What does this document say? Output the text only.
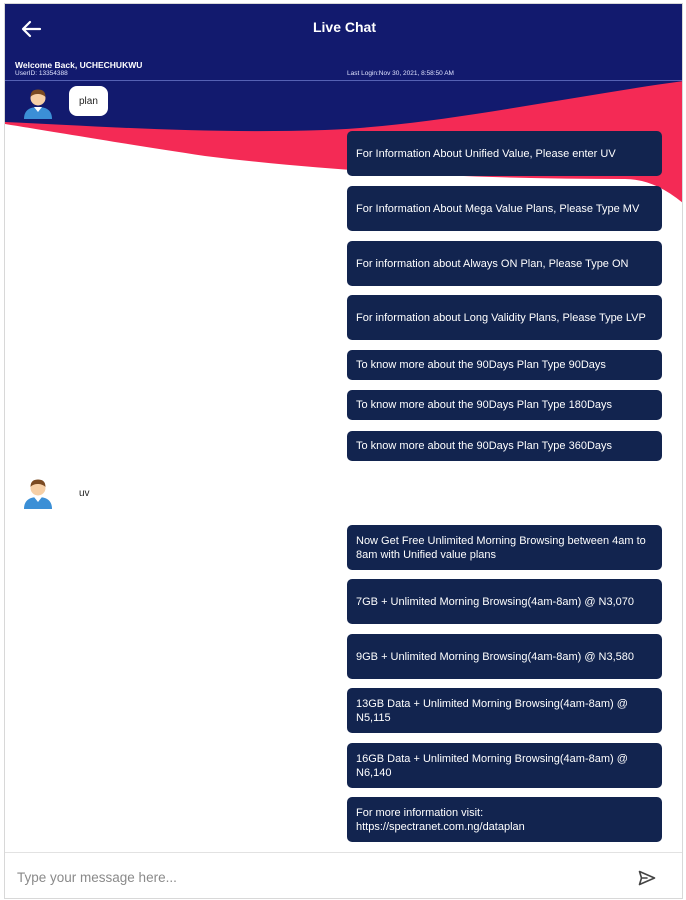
Live Chat
Welcome Back, UCHECHUKWU
UserID: 13354388	Last Login:Nov 30, 2021, 8:58:50 AM
plan
For Information About Unified Value, Please enter UV
For Information About Mega Value Plans, Please Type MV
For information about Always ON Plan, Please Type ON
For information about Long Validity Plans, Please Type LVP
To know more about the 90Days Plan Type 90Days
To know more about the 90Days Plan Type 180Days
To know more about the 90Days Plan Type 360Days
uv
Now Get Free Unlimited Morning Browsing between 4am to 8am with Unified value plans
7GB + Unlimited Morning Browsing(4am-8am) @ N3,070
9GB + Unlimited Morning Browsing(4am-8am) @ N3,580
13GB Data + Unlimited Morning Browsing(4am-8am) @ N5,115
16GB Data + Unlimited Morning Browsing(4am-8am) @ N6,140
For more information visit: https://spectranet.com.ng/dataplan
Type your message here...
